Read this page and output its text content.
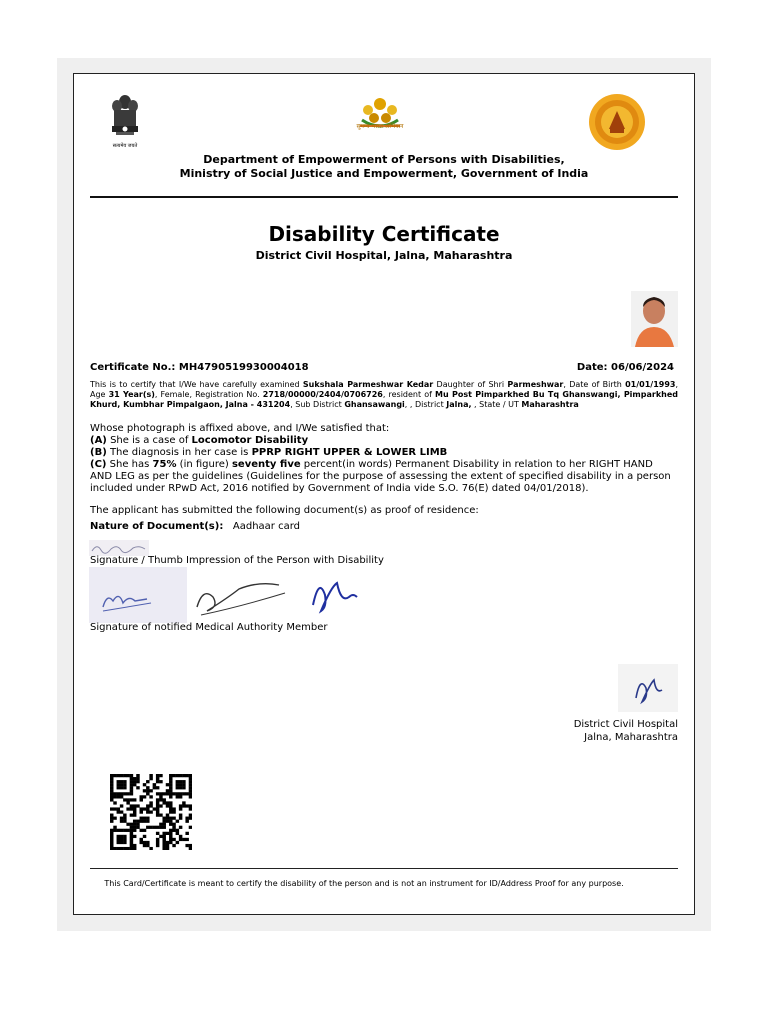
सत्यमेव जयते
सुगम्य भारत अभियान
Department of Empowerment of Persons with Disabilities,
Ministry of Social Justice and Empowerment, Government of India
Disability Certificate
District Civil Hospital, Jalna, Maharashtra
Certificate No.: MH4790519930004018	Date: 06/06/2024
This is to certify that I/We have carefully examined Sukshala Parmeshwar Kedar Daughter of Shri Parmeshwar, Date of Birth 01/01/1993, Age 31 Year(s), Female, Registration No. 2718/00000/2404/0706726, resident of Mu Post Pimparkhed Bu Tq Ghanswangi, Pimparkhed Khurd, Kumbhar Pimpalgaon, Jalna - 431204, Sub District Ghansawangi, , District Jalna, , State / UT Maharashtra
Whose photograph is affixed above, and I/We satisfied that:
(A) She is a case of Locomotor Disability
(B) The diagnosis in her case is PPRP RIGHT UPPER & LOWER LIMB
(C) She has 75% (in figure) seventy five percent(in words) Permanent Disability in relation to her RIGHT HAND AND LEG as per the guidelines (Guidelines for the purpose of assessing the extent of specified disability in a person included under RPwD Act, 2016 notified by Government of India vide S.O. 76(E) dated 04/01/2018).
The applicant has submitted the following document(s) as proof of residence:
Nature of Document(s): Aadhaar card
Signature / Thumb Impression of the Person with Disability
Signature of notified Medical Authority Member
District Civil Hospital
Jalna, Maharashtra
This Card/Certificate is meant to certify the disability of the person and is not an instrument for ID/Address Proof for any purpose.
